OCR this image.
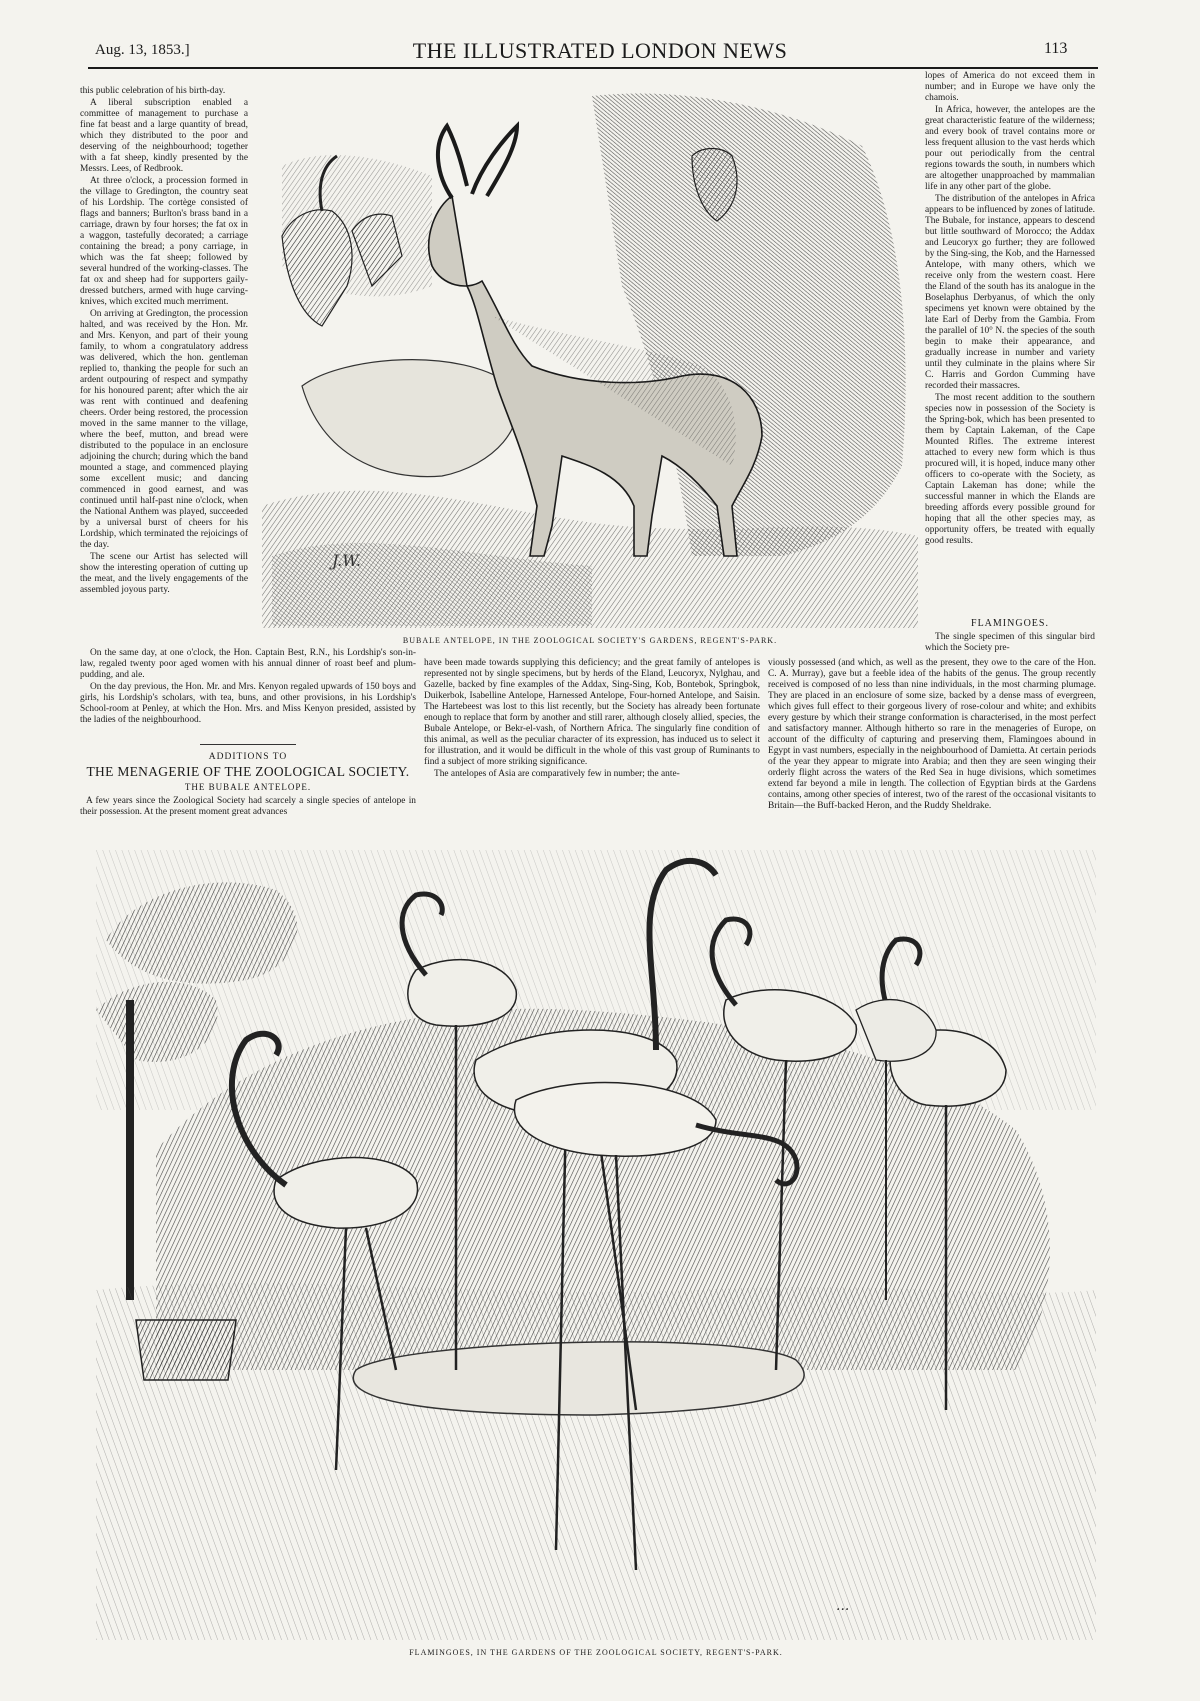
Aug. 13, 1853.]	THE ILLUSTRATED LONDON NEWS	113

this public celebration of his birth-day.

A liberal subscription enabled a committee of management to purchase a fine fat beast and a large quantity of bread, which they distributed to the poor and deserving of the neighbourhood; together with a fat sheep, kindly presented by the Messrs. Lees, of Redbrook.

At three o'clock, a procession formed in the village to Gredington, the country seat of his Lordship. The cortège consisted of flags and banners; Burlton's brass band in a carriage, drawn by four horses; the fat ox in a waggon, tastefully decorated; a carriage containing the bread; a pony carriage, in which was the fat sheep; followed by several hundred of the working-classes. The fat ox and sheep had for supporters gaily-dressed butchers, armed with huge carving-knives, which excited much merriment.

On arriving at Gredington, the procession halted, and was received by the Hon. Mr. and Mrs. Kenyon, and part of their young family, to whom a congratulatory address was delivered, which the hon. gentleman replied to, thanking the people for such an ardent outpouring of respect and sympathy for his honoured parent; after which the air was rent with continued and deafening cheers. Order being restored, the procession moved in the same manner to the village, where the beef, mutton, and bread were distributed to the populace in an enclosure adjoining the church; during which the band mounted a stage, and commenced playing some excellent music; and dancing commenced in good earnest, and was continued until half-past nine o'clock, when the National Anthem was played, succeeded by a universal burst of cheers for his Lordship, which terminated the rejoicings of the day.

The scene our Artist has selected will show the interesting operation of cutting up the meat, and the lively engagements of the assembled joyous party.

J.W.
BUBALE ANTELOPE, IN THE ZOOLOGICAL SOCIETY'S GARDENS, REGENT'S-PARK.

lopes of America do not exceed them in number; and in Europe we have only the chamois.

In Africa, however, the antelopes are the great characteristic feature of the wilderness; and every book of travel contains more or less frequent allusion to the vast herds which pour out periodically from the central regions towards the south, in numbers which are altogether unapproached by mammalian life in any other part of the globe.

The distribution of the antelopes in Africa appears to be influenced by zones of latitude. The Bubale, for instance, appears to descend but little southward of Morocco; the Addax and Leucoryx go further; they are followed by the Sing-sing, the Kob, and the Harnessed Antelope, with many others, which we receive only from the western coast. Here the Eland of the south has its analogue in the Boselaphus Derbyanus, of which the only specimens yet known were obtained by the late Earl of Derby from the Gambia. From the parallel of 10° N. the species of the south begin to make their appearance, and gradually increase in number and variety until they culminate in the plains where Sir C. Harris and Gordon Cumming have recorded their massacres.

The most recent addition to the southern species now in possession of the Society is the Spring-bok, which has been presented to them by Captain Lakeman, of the Cape Mounted Rifles. The extreme interest attached to every new form which is thus procured will, it is hoped, induce many other officers to co-operate with the Society, as Captain Lakeman has done; while the successful manner in which the Elands are breeding affords every possible ground for hoping that all the other species may, as opportunity offers, be treated with equally good results.

FLAMINGOES.

The single specimen of this singular bird which the Society pre-

On the same day, at one o'clock, the Hon. Captain Best, R.N., his Lordship's son-in-law, regaled twenty poor aged women with his annual dinner of roast beef and plum-pudding, and ale.

On the day previous, the Hon. Mr. and Mrs. Kenyon regaled upwards of 150 boys and girls, his Lordship's scholars, with tea, buns, and other provisions, in his Lordship's School-room at Penley, at which the Hon. Mrs. and Miss Kenyon presided, assisted by the ladies of the neighbourhood.

ADDITIONS TO
THE MENAGERIE OF THE ZOOLOGICAL SOCIETY.
THE BUBALE ANTELOPE.

A few years since the Zoological Society had scarcely a single species of antelope in their possession. At the present moment great advances

have been made towards supplying this deficiency; and the great family of antelopes is represented not by single specimens, but by herds of the Eland, Leucoryx, Nylghau, and Gazelle, backed by fine examples of the Addax, Sing-Sing, Kob, Bontebok, Springbok, Duikerbok, Isabelline Antelope, Harnessed Antelope, Four-horned Antelope, and Saisin. The Hartebeest was lost to this list recently, but the Society has already been fortunate enough to replace that form by another and still rarer, although closely allied, species, the Bubale Antelope, or Bekr-el-vash, of Northern Africa. The singularly fine condition of this animal, as well as the peculiar character of its expression, has induced us to select it for illustration, and it would be difficult in the whole of this vast group of Ruminants to find a subject of more striking significance.

The antelopes of Asia are comparatively few in number; the ante-

viously possessed (and which, as well as the present, they owe to the care of the Hon. C. A. Murray), gave but a feeble idea of the habits of the genus. The group recently received is composed of no less than nine individuals, in the most charming plumage. They are placed in an enclosure of some size, backed by a dense mass of evergreen, which gives full effect to their gorgeous livery of rose-colour and white; and exhibits every gesture by which their strange conformation is characterised, in the most perfect and satisfactory manner. Although hitherto so rare in the menageries of Europe, on account of the difficulty of capturing and preserving them, Flamingoes abound in Egypt in vast numbers, especially in the neighbourhood of Damietta. At certain periods of the year they appear to migrate into Arabia; and then they are seen winging their orderly flight across the waters of the Red Sea in huge divisions, which sometimes extend far beyond a mile in length. The collection of Egyptian birds at the Gardens contains, among other species of interest, two of the rarest of the occasional visitants to Britain—the Buff-backed Heron, and the Ruddy Sheldrake.

...
FLAMINGOES, IN THE GARDENS OF THE ZOOLOGICAL SOCIETY, REGENT'S-PARK.
